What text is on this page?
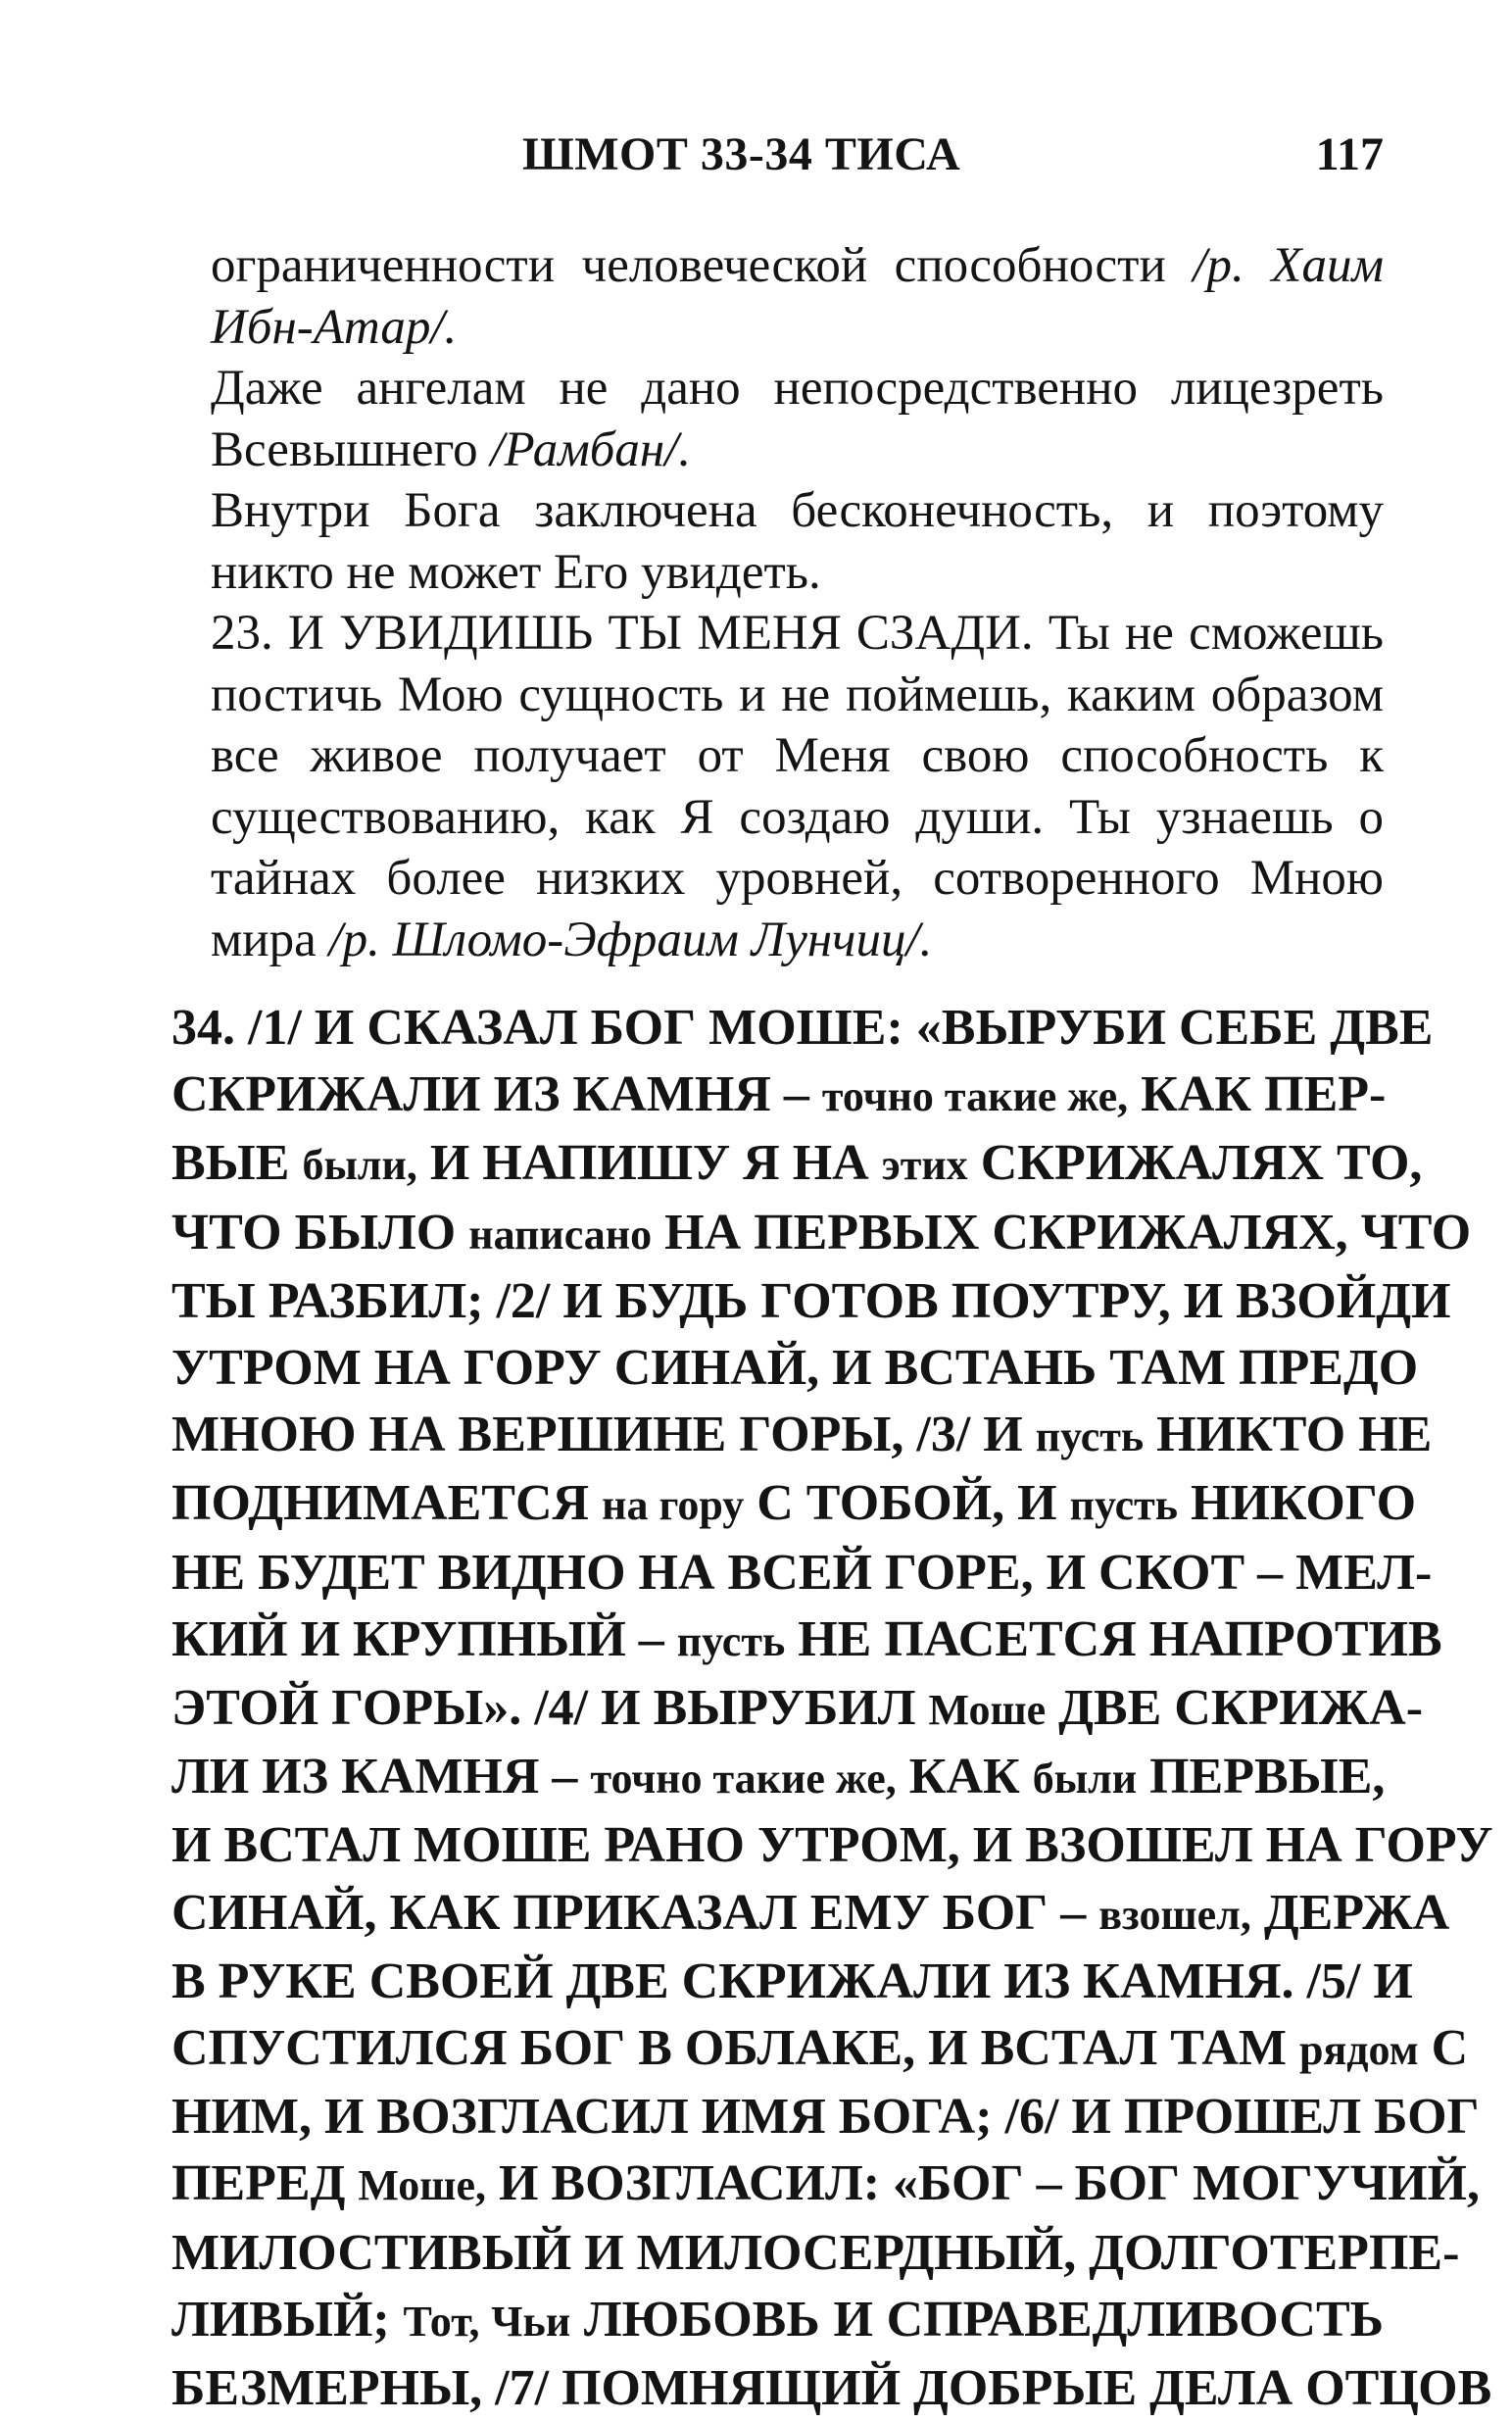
ШМОТ 33-34 ТИСА	117

ограниченности человеческой способности /р. Хаим Ибн-Атар/.

Даже ангелам не дано непосредственно лицезреть Всевышнего /Рамбан/.

Внутри Бога заключена бесконечность, и поэтому никто не может Его увидеть.

23. И УВИДИШЬ ТЫ МЕНЯ СЗАДИ. Ты не сможешь постичь Мою сущность и не поймешь, каким образом все живое получает от Меня свою способность к существованию, как Я создаю души. Ты узнаешь о тайнах более низких уровней, сотворенного Мною мира /р. Шломо-Эфраим Лунчиц/.

34. /1/ И СКАЗАЛ БОГ МОШЕ: «ВЫРУБИ СЕБЕ ДВЕ
СКРИЖАЛИ ИЗ КАМНЯ – точно такие же, КАК ПЕР-
ВЫЕ были, И НАПИШУ Я НА этих СКРИЖАЛЯХ ТО,
ЧТО БЫЛО написано НА ПЕРВЫХ СКРИЖАЛЯХ, ЧТО
ТЫ РАЗБИЛ; /2/ И БУДЬ ГОТОВ ПОУТРУ, И ВЗОЙДИ
УТРОМ НА ГОРУ СИНАЙ, И ВСТАНЬ ТАМ ПРЕДО
МНОЮ НА ВЕРШИНЕ ГОРЫ, /3/ И пусть НИКТО НЕ
ПОДНИМАЕТСЯ на гору С ТОБОЙ, И пусть НИКОГО
НЕ БУДЕТ ВИДНО НА ВСЕЙ ГОРЕ, И СКОТ – МЕЛ-
КИЙ И КРУПНЫЙ – пусть НЕ ПАСЕТСЯ НАПРОТИВ
ЭТОЙ ГОРЫ». /4/ И ВЫРУБИЛ Моше ДВЕ СКРИЖА-
ЛИ ИЗ КАМНЯ – точно такие же, КАК были ПЕРВЫЕ,
И ВСТАЛ МОШЕ РАНО УТРОМ, И ВЗОШЕЛ НА ГОРУ
СИНАЙ, КАК ПРИКАЗАЛ ЕМУ БОГ – взошел, ДЕРЖА
В РУКЕ СВОЕЙ ДВЕ СКРИЖАЛИ ИЗ КАМНЯ. /5/ И
СПУСТИЛСЯ БОГ В ОБЛАКЕ, И ВСТАЛ ТАМ рядом С
НИМ, И ВОЗГЛАСИЛ ИМЯ БОГА; /6/ И ПРОШЕЛ БОГ
ПЕРЕД Моше, И ВОЗГЛАСИЛ: «БОГ – БОГ МОГУЧИЙ,
МИЛОСТИВЫЙ И МИЛОСЕРДНЫЙ, ДОЛГОТЕРПЕ-
ЛИВЫЙ; Тот, Чьи ЛЮБОВЬ И СПРАВЕДЛИВОСТЬ
БЕЗМЕРНЫ, /7/ ПОМНЯЩИЙ ДОБРЫЕ ДЕЛА ОТЦОВ
